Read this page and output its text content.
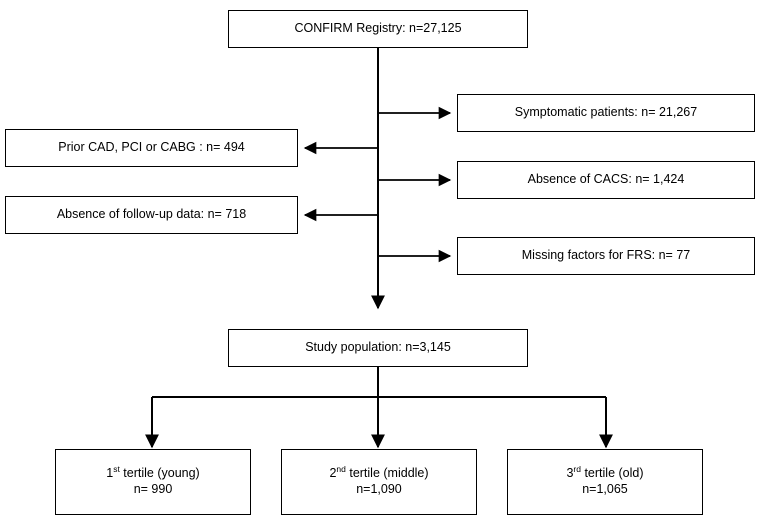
CONFIRM Registry: n=27,125
Symptomatic patients: n= 21,267
Absence of CACS: n= 1,424
Missing factors for FRS: n= 77
Prior CAD, PCI or CABG : n= 494
Absence of follow-up data: n= 718
Study population: n=3,145
1st tertile (young)
n= 990
2nd tertile (middle)
n=1,090
3rd tertile (old)
n=1,065
